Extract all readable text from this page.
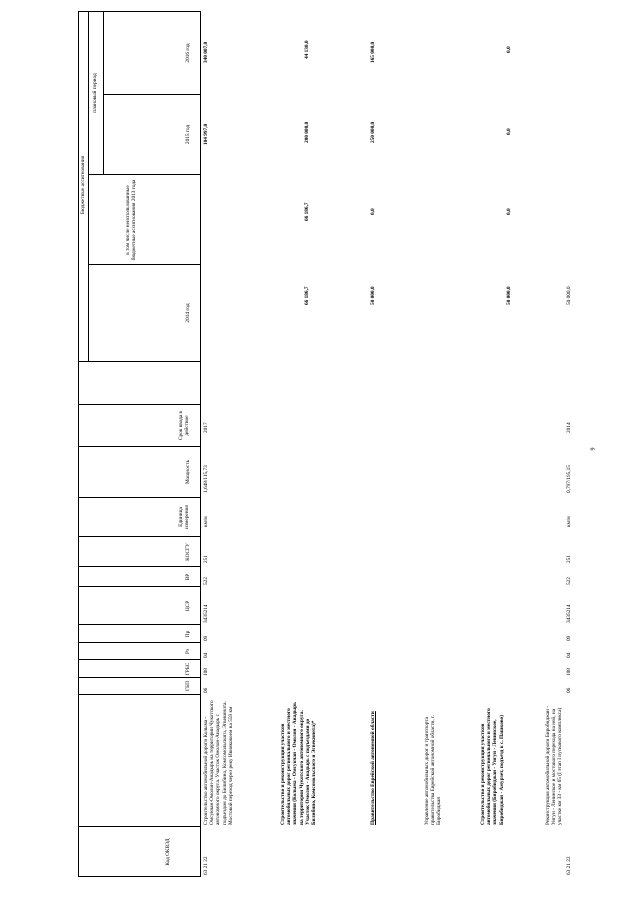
Код ОКВЭД
ГБП
ГРБС
Рз
Пр
ЦСР
ВР
КОСГУ
Единица измерения
Мощность
Срок ввода в действие
Бюджетные ассигнования
2014 год
в том числе неиспользованные бюджетные ассигнования 2013 года
плановый период
2015 год
2016 год
63 21 22
Строительство автомобильной дороги Колыма - Омсукчан-Омолон-Анадырь на территории Чукотского автономного округа. Участок Омолон-Анадырь с подъездом до Билибино, Комсомольского, Эгвекинота. Мостовой переход через реку Ивняковоем на 559 км
06
108
04
09
3435214
522
251
км/м
1,648/115,73
2017
104 997,0
340 007,0
Строительство и реконструкция участков автомобильных дорог регионального и местного значения (Колыма - Омсукчан - Омолон - Анадырь на территории Чукотского автономного округа. Участок Омолон - Анадырь с подъездами до Билибино, Комсомольского и Эгвекинота)*
66 186,7
66 186,7
200 000,0
44 130,0
Правительство Еврейской автономной области
50 000,0
0,0
250 000,0
165 000,0
Управление автомобильных дорог и транспорта правительства Еврейской автономной области, г. Биробиджан	Строительство и реконструкция участков автомобильных дорог регионального и местного значения (Биробиджан - Унгун - Ленинское, Биробиджан - Амурзет, подъезд к с. Пашково)
50 000,0
0,0
0,0
0,0
63 21 22
Реконструкция автомобильной дороги Биробиджан - Унгун - Ленинское и мостового перехода на ней, на участке км 33 - км 65 (I этап I пускового комплекса)
06
108
04
09
3435214
522
251
км/м
0,797/195,15
2014
50 000,0
9
